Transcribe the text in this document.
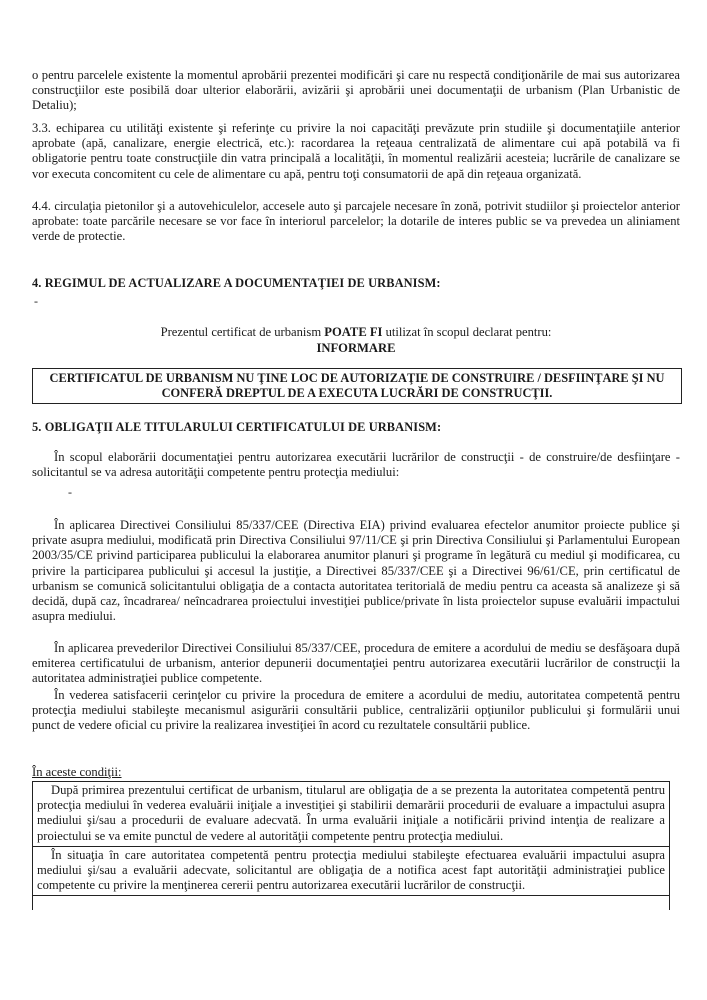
o pentru parcelele existente la momentul aprobării prezentei modificări şi care nu respectă condiţionările de mai sus autorizarea construcţiilor este posibilă doar ulterior elaborării, avizării şi aprobării unei documentaţii de urbanism (Plan Urbanistic de Detaliu);

3.3. echiparea cu utilităţi existente şi referinţe cu privire la noi capacităţi prevăzute prin studiile şi documentaţiile anterior aprobate (apă, canalizare, energie electrică, etc.): racordarea la reţeaua centralizată de alimentare cui apă potabilă va fi obligatorie pentru toate construcţiile din vatra principală a localităţii, în momentul realizării acesteia; lucrările de canalizare se vor executa concomitent cu cele de alimentare cu apă, pentru toţi consumatorii de apă din reţeaua organizată.

4.4. circulaţia pietonilor şi a autovehiculelor, accesele auto şi parcajele necesare în zonă, potrivit studiilor şi proiectelor anterior aprobate: toate parcările necesare se vor face în interiorul parcelelor; la dotarile de interes public se va prevedea un aliniament verde de protectie.

4. REGIMUL DE ACTUALIZARE A DOCUMENTAŢIEI DE URBANISM:
-

Prezentul certificat de urbanism POATE FI utilizat în scopul declarat pentru:

INFORMARE

CERTIFICATUL DE URBANISM NU ŢINE LOC DE AUTORIZAŢIE DE CONSTRUIRE / DESFIINŢARE ŞI NU CONFERĂ DREPTUL DE A EXECUTA LUCRĂRI DE CONSTRUCŢII.
5. OBLIGAŢII ALE TITULARULUI CERTIFICATULUI DE URBANISM:

În scopul elaborării documentaţiei pentru autorizarea executării lucrărilor de construcţii - de construire/de desfiinţare - solicitantul se va adresa autorităţii competente pentru protecţia mediului:

-

În aplicarea Directivei Consiliului 85/337/CEE (Directiva EIA) privind evaluarea efectelor anumitor proiecte publice şi private asupra mediului, modificată prin Directiva Consiliului 97/11/CE şi prin Directiva Consiliului şi Parlamentului European 2003/35/CE privind participarea publicului la elaborarea anumitor planuri şi programe în legătură cu mediul şi modificarea, cu privire la participarea publicului şi accesul la justiţie, a Directivei 85/337/CEE şi a Directivei 96/61/CE, prin certificatul de urbanism se comunică solicitantului obligaţia de a contacta autoritatea teritorială de mediu pentru ca aceasta să analizeze şi să decidă, după caz, încadrarea/ neîncadrarea proiectului investiţiei publice/private în lista proiectelor supuse evaluării impactului asupra mediului.

În aplicarea prevederilor Directivei Consiliului 85/337/CEE, procedura de emitere a acordului de mediu se desfăşoara după emiterea certificatului de urbanism, anterior depunerii documentaţiei pentru autorizarea executării lucrărilor de construcţii la autoritatea administraţiei publice competente.

În vederea satisfacerii cerinţelor cu privire la procedura de emitere a acordului de mediu, autoritatea competentă pentru protecţia mediului stabileşte mecanismul asigurării consultării publice, centralizării opţiunilor publicului şi formulării unui punct de vedere oficial cu privire la realizarea investiţiei în acord cu rezultatele consultării publice.

În aceste condiţii:

După primirea prezentului certificat de urbanism, titularul are obligaţia de a se prezenta la autoritatea competentă pentru protecţia mediului în vederea evaluării iniţiale a investiţiei şi stabilirii demarării procedurii de evaluare a impactului asupra mediului şi/sau a procedurii de evaluare adecvată. În urma evaluării iniţiale a notificării privind intenţia de realizare a proiectului se va emite punctul de vedere al autorităţii competente pentru protecţia mediului.

În situaţia în care autoritatea competentă pentru protecţia mediului stabileşte efectuarea evaluării impactului asupra mediului şi/sau a evaluării adecvate, solicitantul are obligaţia de a notifica acest fapt autorităţii administraţiei publice competente cu privire la menţinerea cererii pentru autorizarea executării lucrărilor de construcţii.
